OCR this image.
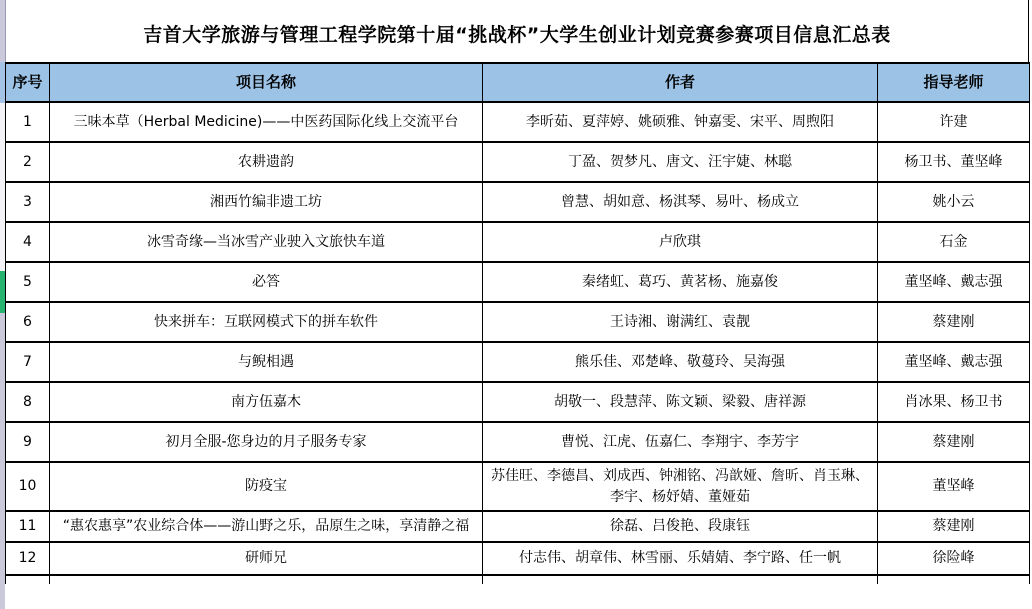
吉首大学旅游与管理工程学院第十届“挑战杯”大学生创业计划竞赛参赛项目信息汇总表
序号	项目名称	作者	指导老师
1	三味本草（Herbal Medicine)——中医药国际化线上交流平台	李昕茹、夏萍婷、姚硕雅、钟嘉雯、宋平、周煦阳	许建
2	农耕遗韵	丁盈、贺梦凡、唐文、汪宇婕、林聪	杨卫书、董坚峰
3	湘西竹编非遗工坊	曾慧、胡如意、杨淇琴、易叶、杨成立	姚小云
4	冰雪奇缘—当冰雪产业驶入文旅快车道	卢欣琪	石金
5	必答	秦绪虹、葛巧、黄茗杨、施嘉俊	董坚峰、戴志强
6	快来拼车：互联网模式下的拼车软件	王诗湘、谢满红、袁靓	蔡建刚
7	与鲵相遇	熊乐佳、邓楚峰、敬蔓玲、吴海强	董坚峰、戴志强
8	南方伍嘉木	胡敬一、段慧萍、陈文颖、梁毅、唐祥源	肖冰果、杨卫书
9	初月全服-您身边的月子服务专家	曹悦、江虎、伍嘉仁、李翔宇、李芳宇	蔡建刚
10	防疫宝	苏佳旺、李德昌、刘成西、钟湘铭、冯歆娅、詹昕、肖玉琳、李宇、杨妤婧、董娅茹	董坚峰
11	“惠农惠享”农业综合体——游山野之乐，品原生之味，享清静之福	徐磊、吕俊艳、段康钰	蔡建刚
12	研师兄	付志伟、胡章伟、林雪丽、乐婧婧、李宁路、任一帆	徐险峰
